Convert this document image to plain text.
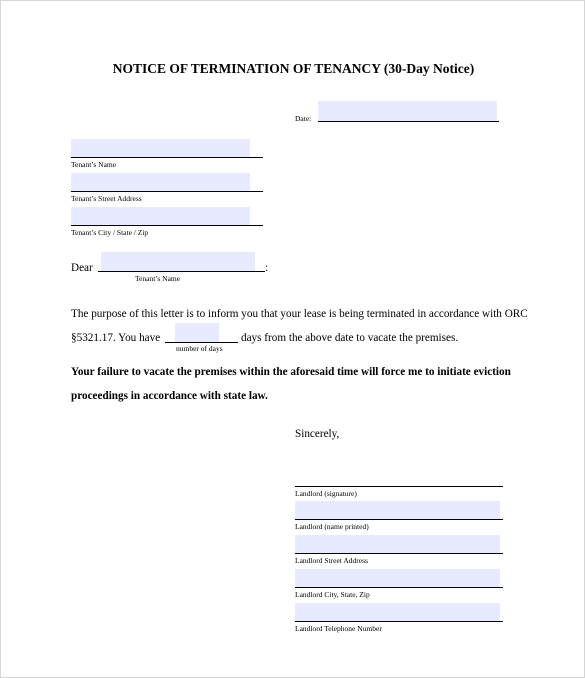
NOTICE OF TERMINATION OF TENANCY (30-Day Notice)
Date:
Tenant’s Name
Tenant’s Street Address
Tenant’s City / State / Zip
Dear	:
Tenant’s Name
The purpose of this letter is to inform you that your lease is being terminated in accordance with ORC
§5321.17. You have	days from the above date to vacate the premises.
number of days
Your failure to vacate the premises within the aforesaid time will force me to initiate eviction
proceedings in accordance with state law.
Sincerely,
Landlord (signature)
Landlord (name printed)
Landlord Street Address
Landlord City, State, Zip
Landlord Telephone Number
